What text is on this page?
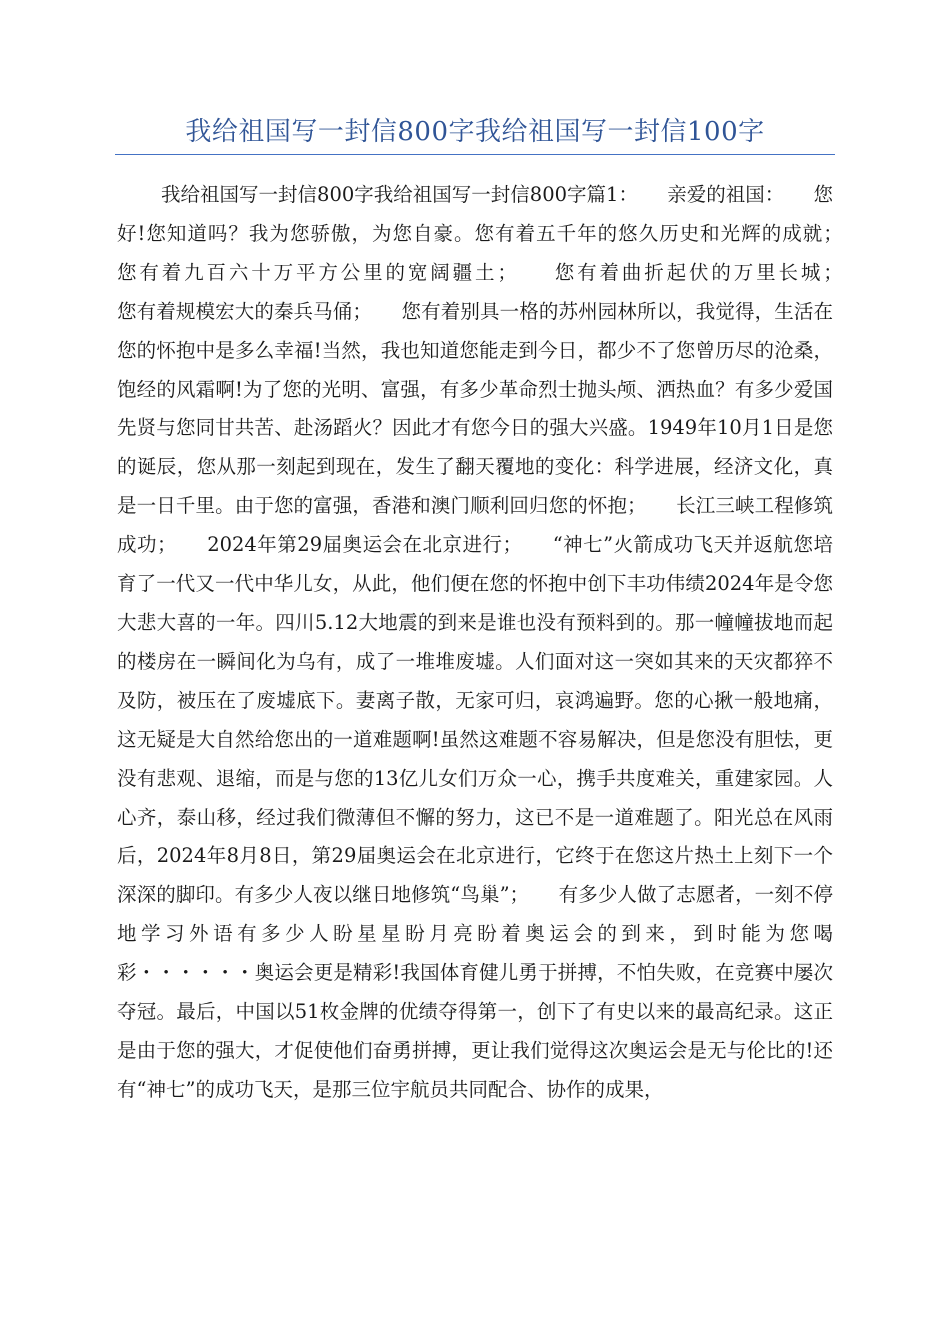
我给祖国写一封信800字我给祖国写一封信100字

我给祖国写一封信800字我给祖国写一封信800字篇1：　　亲爱的祖国：　　您好!您知道吗？我为您骄傲，为您自豪。您有着五千年的悠久历史和光辉的成就；　　您有着九百六十万平方公里的宽阔疆土；　　您有着曲折起伏的万里长城；　　　　您有着规模宏大的秦兵马俑；　　您有着别具一格的苏州园林所以，我觉得，生活在您的怀抱中是多么幸福!当然，我也知道您能走到今日，都少不了您曾历尽的沧桑，饱经的风霜啊!为了您的光明、富强，有多少革命烈士抛头颅、洒热血？有多少爱国先贤与您同甘共苦、赴汤蹈火？因此才有您今日的强大兴盛。1949年10月1日是您的诞辰，您从那一刻起到现在，发生了翻天覆地的变化：科学进展，经济文化，真是一日千里。由于您的富强，香港和澳门顺利回归您的怀抱；　　长江三峡工程修筑成功；　　2024年第29届奥运会在北京进行；　　“神七”火箭成功飞天并返航您培育了一代又一代中华儿女，从此，他们便在您的怀抱中创下丰功伟绩2024年是令您大悲大喜的一年。四川5.12大地震的到来是谁也没有预料到的。那一幢幢拔地而起的楼房在一瞬间化为乌有，成了一堆堆废墟。人们面对这一突如其来的天灾都猝不及防，被压在了废墟底下。妻离子散，无家可归，哀鸿遍野。您的心揪一般地痛，这无疑是大自然给您出的一道难题啊!虽然这难题不容易解决，但是您没有胆怯，更没有悲观、退缩，而是与您的13亿儿女们万众一心，携手共度难关，重建家园。人心齐，泰山移，经过我们微薄但不懈的努力，这已不是一道难题了。阳光总在风雨后，2024年8月8日，第29届奥运会在北京进行，它终于在您这片热土上刻下一个深深的脚印。有多少人夜以继日地修筑“鸟巢”；　　有多少人做了志愿者，一刻不停地学习外语有多少人盼星星盼月亮盼着奥运会的到来，到时能为您喝彩・・・・・・奥运会更是精彩!我国体育健儿勇于拼搏，不怕失败，在竞赛中屡次夺冠。最后，中国以51枚金牌的优绩夺得第一，创下了有史以来的最高纪录。这正是由于您的强大，才促使他们奋勇拼搏，更让我们觉得这次奥运会是无与伦比的!还有“神七”的成功飞天，是那三位宇航员共同配合、协作的成果，
